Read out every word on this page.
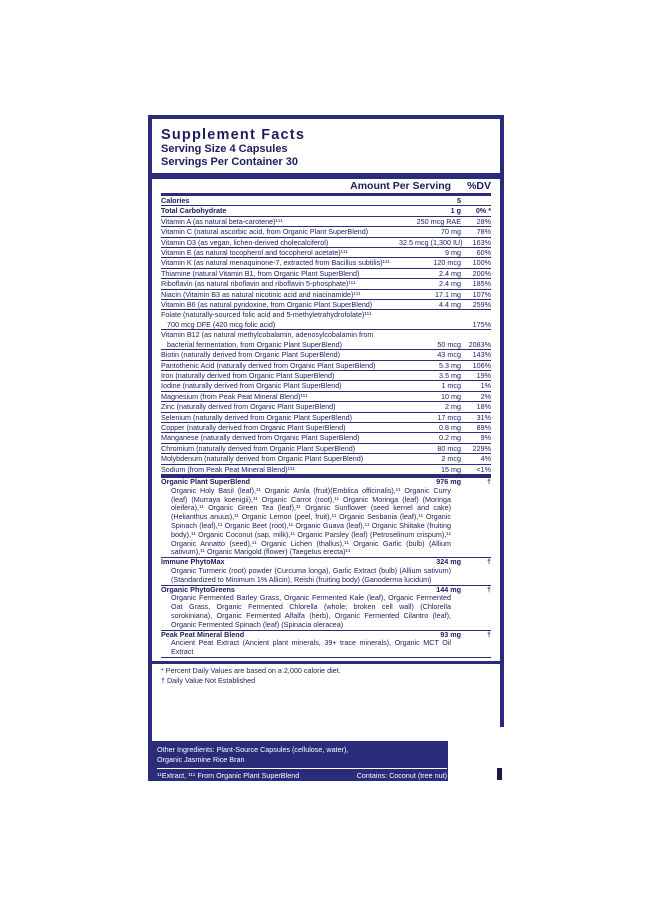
Supplement Facts
Serving Size 4 Capsules
Servings Per Container 30
Amount Per Serving %DV
Calories	5
Total Carbohydrate	1 g	0% *
Vitamin A (as natural beta-carotene)¹¹¹	250 mcg RAE	28%
Vitamin C (natural ascorbic acid, from Organic Plant SuperBlend)	70 mg	78%
Vitamin D3 (as vegan, lichen-derived cholecalciferol)	32.5 mcg (1,300 IU)	163%
Vitamin E (as natural tocopherol and tocopherol acetate)¹¹¹	9 mg	60%
Vitamin K (as natural menaquinone-7, extracted from Bacillus subtilis)¹¹¹	120 mcg	100%
Thiamine (natural Vitamin B1, from Organic Plant SuperBlend)	2.4 mg	200%
Riboflavin (as natural riboflavin and riboflavin 5-phosphate)¹¹¹	2.4 mg	185%
Niacin (Vitamin B3 as natural nicotinic acid and niacinamide)¹¹¹	17.1 mg	107%
Vitamin B6 (as natural pyridoxine, from Organic Plant SuperBlend)	4.4 mg	259%
Folate (naturally-sourced folic acid and 5-methyletrahydrofolate)¹¹¹
700 mcg DFE (420 mcg folic acid)	175%
Vitamin B12 (as natural methylcobalamin, adenosylcobalamin from
bacterial fermentation, from Organic Plant SuperBlend)	50 mcg	2083%
Biotin (naturally derived from Organic Plant SuperBlend)	43 mcg	143%
Pantothenic Acid (naturally derived from Organic Plant SuperBlend)	5.3 mg	106%
Iron (naturally derived from Organic Plant SuperBlend)	3.5 mg	19%
Iodine (naturally derived from Organic Plant SuperBlend)	1 mcg	1%
Magnesium (from Peak Peat Mineral Blend)¹¹¹	10 mg	2%
Zinc (naturally derived from Organic Plant SuperBlend)	2 mg	18%
Selenium (naturally derived from Organic Plant SuperBlend)	17 mcg	31%
Copper (naturally derived from Organic Plant SuperBlend)	0.8 mg	89%
Manganese (naturally derived from Organic Plant SuperBlend)	0.2 mg	9%
Chromium (naturally derived from Organic Plant SuperBlend)	80 mcg	229%
Molybdenum (naturally derived from Organic Plant SuperBlend)	2 mcg	4%
Sodium (from Peak Peat Mineral Blend)¹¹¹	15 mg	<1%
Organic Plant SuperBlend	976 mg	†
Organic Holy Basil (leaf),¹¹ Organic Amla (fruit)(Emblica officinalis),¹¹ Organic Curry (leaf) (Murraya koenigii),¹¹ Organic Carrot (root),¹¹ Organic Moringa (leaf) (Moringa oleifera),¹¹ Organic Green Tea (leaf),¹¹ Organic Sunflower (seed kernel and cake) (Helianthus anuus),¹¹ Organic Lemon (peel, fruit),¹¹ Organic Sesbania (leaf),¹¹ Organic Spinach (leaf),¹¹ Organic Beet (root),¹¹ Organic Guava (leaf),¹¹ Organic Shiitake (fruiting body),¹¹ Organic Coconut (sap, milk),¹¹ Organic Parsley (leaf) (Petroselinum crispum),¹¹ Organic Annatto (seed),¹¹ Organic Lichen (thallus),¹¹ Organic Garlic (bulb) (Allium sativum),¹¹ Organic Marigold (flower) (Taegetus erecta)¹¹
Immune PhytoMax	324 mg	†
Organic Turmeric (root) powder (Curcuma longa), Garlic Extract (bulb) (Allium sativum) (Standardized to Minimum 1% Allicin), Reishi (fruiting body) (Ganoderma lucidum)
Organic PhytoGreens	144 mg	†
Organic Fermented Barley Grass, Organic Fermented Kale (leaf), Organic Fermented Oat Grass, Organic Fermented Chlorella (whole; broken cell wall) (Chlorella sorokiniana), Organic Fermented Alfalfa (herb), Organic Fermented Cilantro (leaf), Organic Fermented Spinach (leaf) (Spinacia oleracea)
Peak Peat Mineral Blend	93 mg	†
Ancient Peat Extract (Ancient plant minerals, 39+ trace minerals), Organic MCT Oil Extract
* Percent Daily Values are based on a 2,000 calorie diet.
† Daily Value Not Established
Other Ingredients: Plant-Source Capsules (cellulose, water),
Organic Jasmine Rice Bran
¹¹Extract, ¹¹¹ From Organic Plant SuperBlend	Contains: Coconut (tree nut)
